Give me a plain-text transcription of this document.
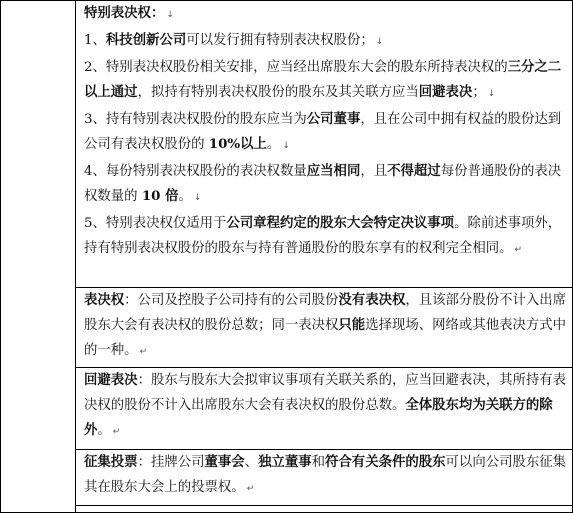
特别表决权： ↓

1、科技创新公司可以发行拥有特别表决权股份； ↓

2、特别表决权股份相关安排，应当经出席股东大会的股东所持表决权的三分之二以上通过，拟持有特别表决权股份的股东及其关联方应当回避表决； ↓

3、持有特别表决权股份的股东应当为公司董事，且在公司中拥有权益的股份达到公司有表决权股份的 10%以上。 ↓

4、每份特别表决权股份的表决权数量应当相同，且不得超过每份普通股份的表决权数量的 10 倍。 ↓

5、特别表决权仅适用于公司章程约定的股东大会特定决议事项。除前述事项外，持有特别表决权股份的股东与持有普通股份的股东享有的权利完全相同。 ↵

表决权：公司及控股子公司持有的公司股份没有表决权，且该部分股份不计入出席股东大会有表决权的股份总数；同一表决权只能选择现场、网络或其他表决方式中的一种。 ↵

回避表决：股东与股东大会拟审议事项有关联关系的，应当回避表决，其所持有表决权的股份不计入出席股东大会有表决权的股份总数。全体股东均为关联方的除外。 ↵

征集投票：挂牌公司董事会、独立董事和符合有关条件的股东可以向公司股东征集其在股东大会上的投票权。 ↵
